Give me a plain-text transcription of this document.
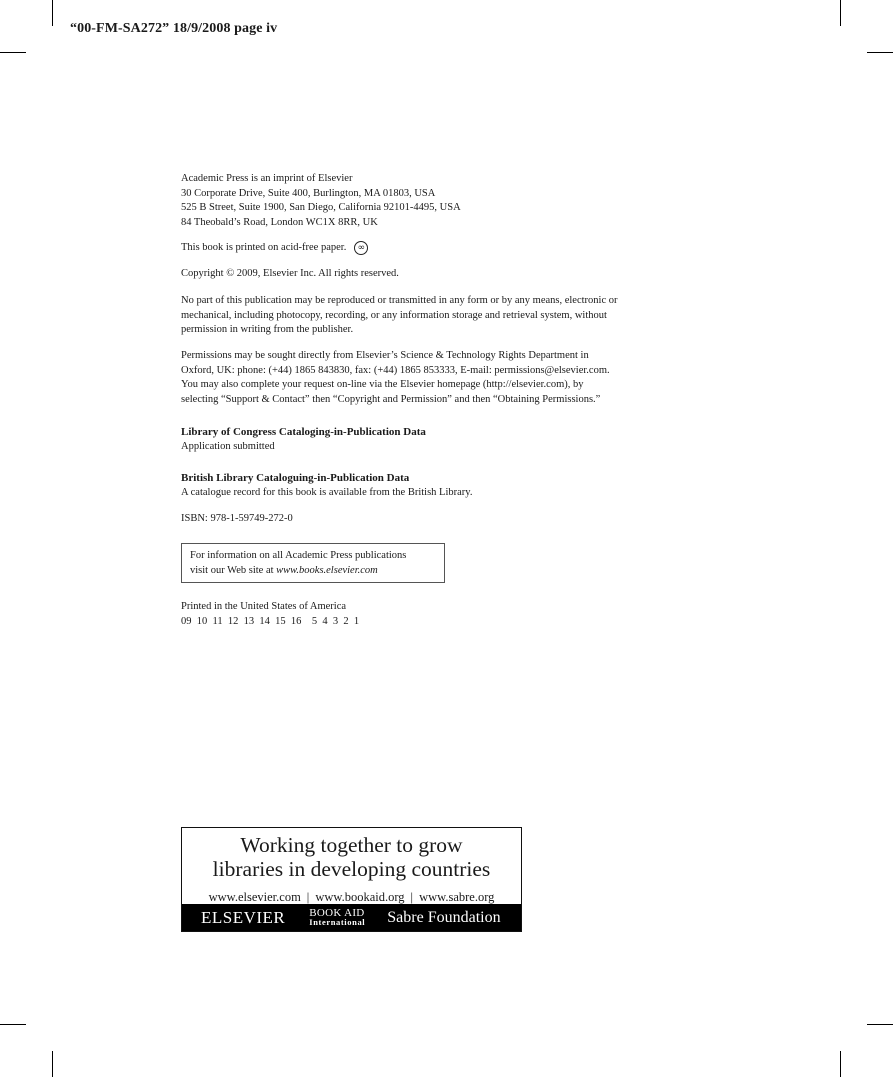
“00-FM-SA272” 18/9/2008 page iv
Academic Press is an imprint of Elsevier
30 Corporate Drive, Suite 400, Burlington, MA 01803, USA
525 B Street, Suite 1900, San Diego, California 92101-4495, USA
84 Theobald’s Road, London WC1X 8RR, UK
This book is printed on acid-free paper.	∞
Copyright © 2009, Elsevier Inc. All rights reserved.
No part of this publication may be reproduced or transmitted in any form or by any means, electronic or
mechanical, including photocopy, recording, or any information storage and retrieval system, without
permission in writing from the publisher.
Permissions may be sought directly from Elsevier’s Science & Technology Rights Department in
Oxford, UK: phone: (+44) 1865 843830, fax: (+44) 1865 853333, E-mail: permissions@elsevier.com.
You may also complete your request on-line via the Elsevier homepage (http://elsevier.com), by
selecting “Support & Contact” then “Copyright and Permission” and then “Obtaining Permissions.”
Library of Congress Cataloging-in-Publication Data
Application submitted
British Library Cataloguing-in-Publication Data
A catalogue record for this book is available from the British Library.
ISBN: 978-1-59749-272-0
For information on all Academic Press publications
visit our Web site at www.books.elsevier.com
Printed in the United States of America
09  10  11  12  13  14  15  16    5  4  3  2  1
Working together to grow
libraries in developing countries
www.elsevier.com | www.bookaid.org | www.sabre.org
ELSEVIER BOOK AID
International Sabre Foundation
